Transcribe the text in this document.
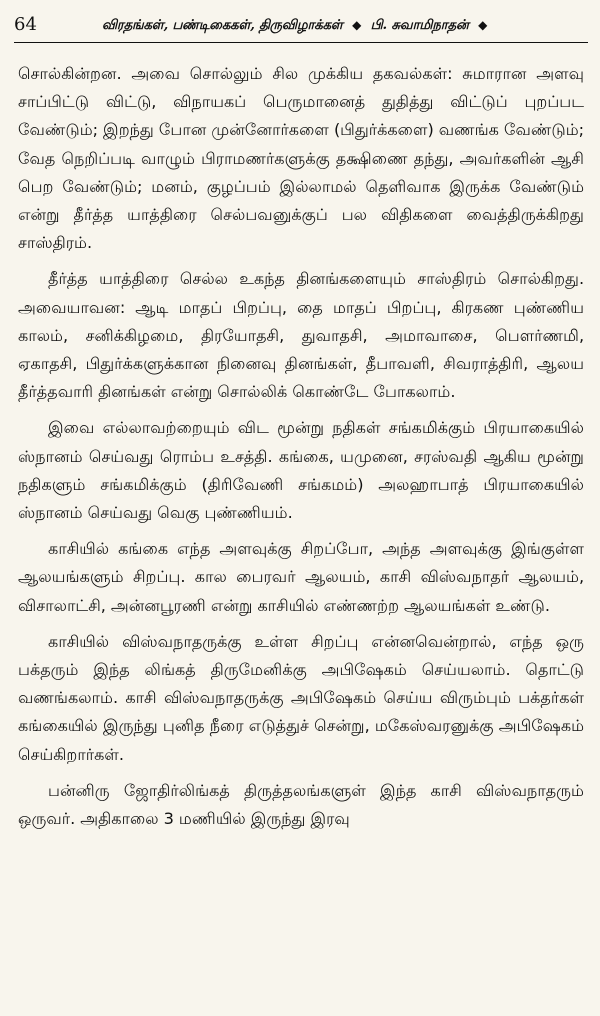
64	விரதங்கள், பண்டிகைகள், திருவிழாக்கள் ◆ பி. சுவாமிநாதன் ◆

சொல்கின்றன. அவை சொல்லும் சில முக்கிய தகவல்கள்: சுமாரான அளவு சாப்பிட்டு விட்டு, விநாயகப் பெருமானைத் துதித்து விட்டுப் புறப்பட வேண்டும்; இறந்து போன முன்னோர்களை (பிதுர்க்களை) வணங்க வேண்டும்; வேத நெறிப்படி வாழும் பிராமணர்களுக்கு தக்ஷிணை தந்து, அவர்களின் ஆசி பெற வேண்டும்; மனம், குழப்பம் இல்லாமல் தெளிவாக இருக்க வேண்டும் என்று தீர்த்த யாத்திரை செல்பவனுக்குப் பல விதிகளை வைத்திருக்கிறது சாஸ்திரம்.

தீர்த்த யாத்திரை செல்ல உகந்த தினங்களையும் சாஸ்திரம் சொல்கிறது. அவையாவன: ஆடி மாதப் பிறப்பு, தை மாதப் பிறப்பு, கிரகண புண்ணிய காலம், சனிக்கிழமை, திரயோதசி, துவாதசி, அமாவாசை, பௌர்ணமி, ஏகாதசி, பிதுர்க்களுக்கான நினைவு தினங்கள், தீபாவளி, சிவராத்திரி, ஆலய தீர்த்தவாரி தினங்கள் என்று சொல்லிக் கொண்டே போகலாம்.

இவை எல்லாவற்றையும் விட மூன்று நதிகள் சங்கமிக்கும் பிரயாகையில் ஸ்நானம் செய்வது ரொம்ப உசத்தி. கங்கை, யமுனை, சரஸ்வதி ஆகிய மூன்று நதிகளும் சங்கமிக்கும் (திரிவேணி சங்கமம்) அலஹாபாத் பிரயாகையில் ஸ்நானம் செய்வது வெகு புண்ணியம்.

காசியில் கங்கை எந்த அளவுக்கு சிறப்போ, அந்த அளவுக்கு இங்குள்ள ஆலயங்களும் சிறப்பு. கால பைரவர் ஆலயம், காசி விஸ்வநாதர் ஆலயம், விசாலாட்சி, அன்னபூரணி என்று காசியில் எண்ணற்ற ஆலயங்கள் உண்டு.

காசியில் விஸ்வநாதருக்கு உள்ள சிறப்பு என்னவென்றால், எந்த ஒரு பக்தரும் இந்த லிங்கத் திருமேனிக்கு அபிஷேகம் செய்யலாம். தொட்டு வணங்கலாம். காசி விஸ்வநாதருக்கு அபிஷேகம் செய்ய விரும்பும் பக்தர்கள் கங்கையில் இருந்து புனித நீரை எடுத்துச் சென்று, மகேஸ்வரனுக்கு அபிஷேகம் செய்கிறார்கள்.

பன்னிரு ஜோதிர்லிங்கத் திருத்தலங்களுள் இந்த காசி விஸ்வநாதரும் ஒருவர். அதிகாலை 3 மணியில் இருந்து இரவு
